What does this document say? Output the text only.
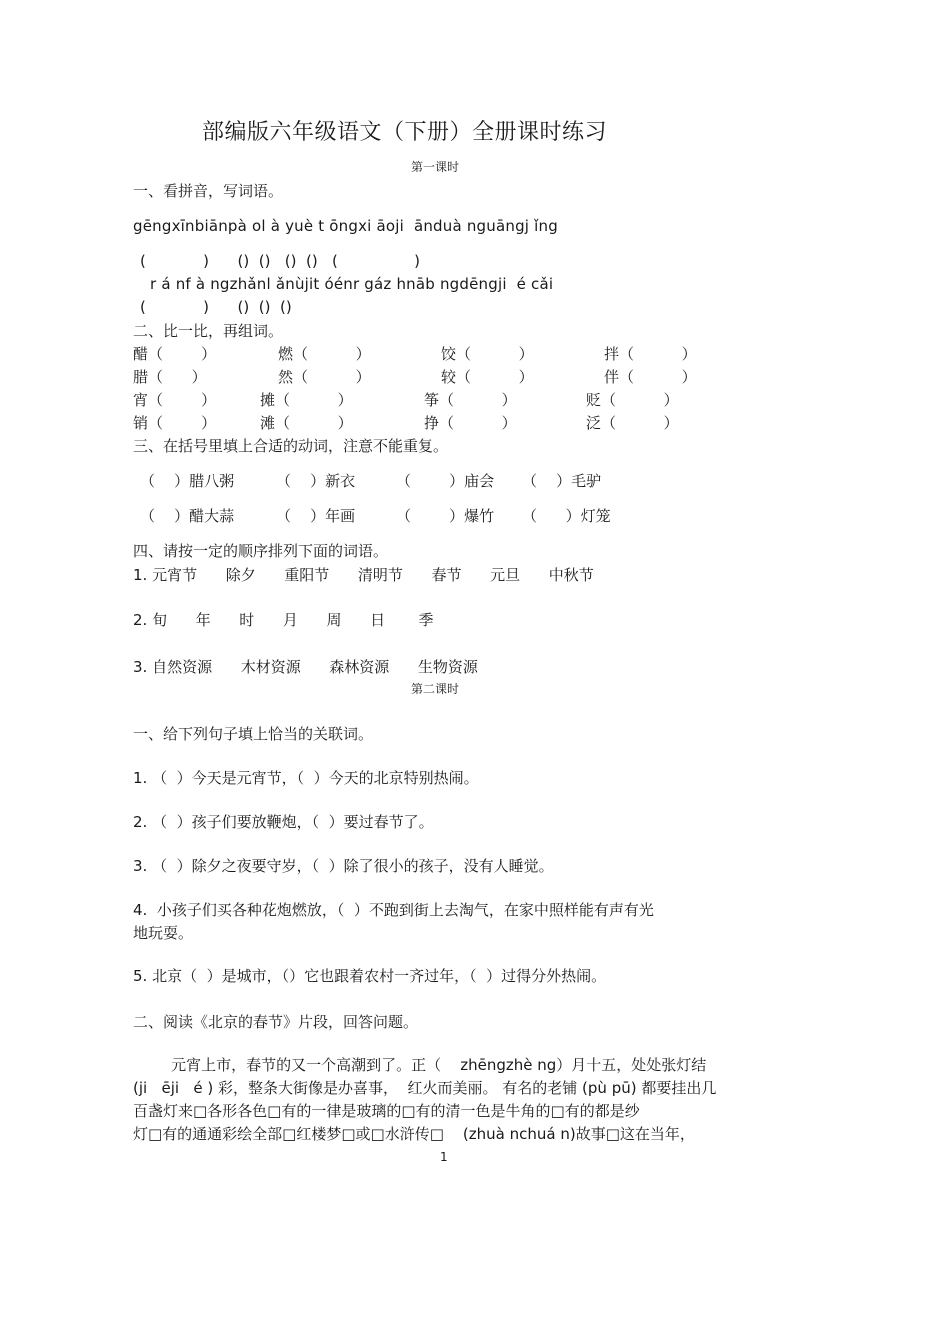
部编版六年级语文（下册）全册课时练习
第一课时
一、看拼音，写词语。
gēngxīnbiānpà ol à yuè t ōngxi āoji  ānduà nguāngj ǐng
(            )      ()  ()   ()  ()   (                )
r á nf à ngzhǎnl ǎnùjit óénr gáz hnāb ngdēngji  é cǎi
(            )      ()  ()  ()
二、比一比，再组词。
醋（        ）	燃（          ）	饺（          ）	拌（          ）
腊（      ）	然（          ）	较（          ）	伴（          ）
宵（        ）	摊（          ）	筝（          ）	贬（          ）
销（        ）	滩（          ）	挣（          ）	泛（          ）
三、在括号里填上合适的动词，注意不能重复。
（    ）腊八粥	（    ）新衣	（        ）庙会 （    ）毛驴
（    ）醋大蒜	（    ）年画	（        ）爆竹 （      ）灯笼
四、请按一定的顺序排列下面的词语。
1. 元宵节      除夕      重阳节      清明节      春节      元旦      中秋节
2. 旬      年      时      月      周      日       季
3. 自然资源      木材资源      森林资源      生物资源
第二课时
一、给下列句子填上恰当的关联词。
1. （  ）今天是元宵节，（  ）今天的北京特别热闹。
2. （  ）孩子们要放鞭炮，（  ）要过春节了。
3. （  ）除夕之夜要守岁，（  ）除了很小的孩子，没有人睡觉。
4.  小孩子们买各种花炮燃放，（  ）不跑到街上去淘气，在家中照样能有声有光
地玩耍。
5. 北京（  ）是城市，（）它也跟着农村一齐过年，（  ）过得分外热闹。
二、阅读《北京的春节》片段，回答问题。
元宵上市，春节的又一个高潮到了。正（    zhēngzhè ng）月十五，处处张灯结
(ji   ēji   é ) 彩，整条大街像是办喜事，  红火而美丽。 有名的老铺 (pù pū) 都要挂出几
百盏灯来□各形各色□有的一律是玻璃的□有的清一色是牛角的□有的都是纱
灯□有的通通彩绘全部□红楼梦□或□水浒传□    (zhuà nchuá n)故事□这在当年，
1
